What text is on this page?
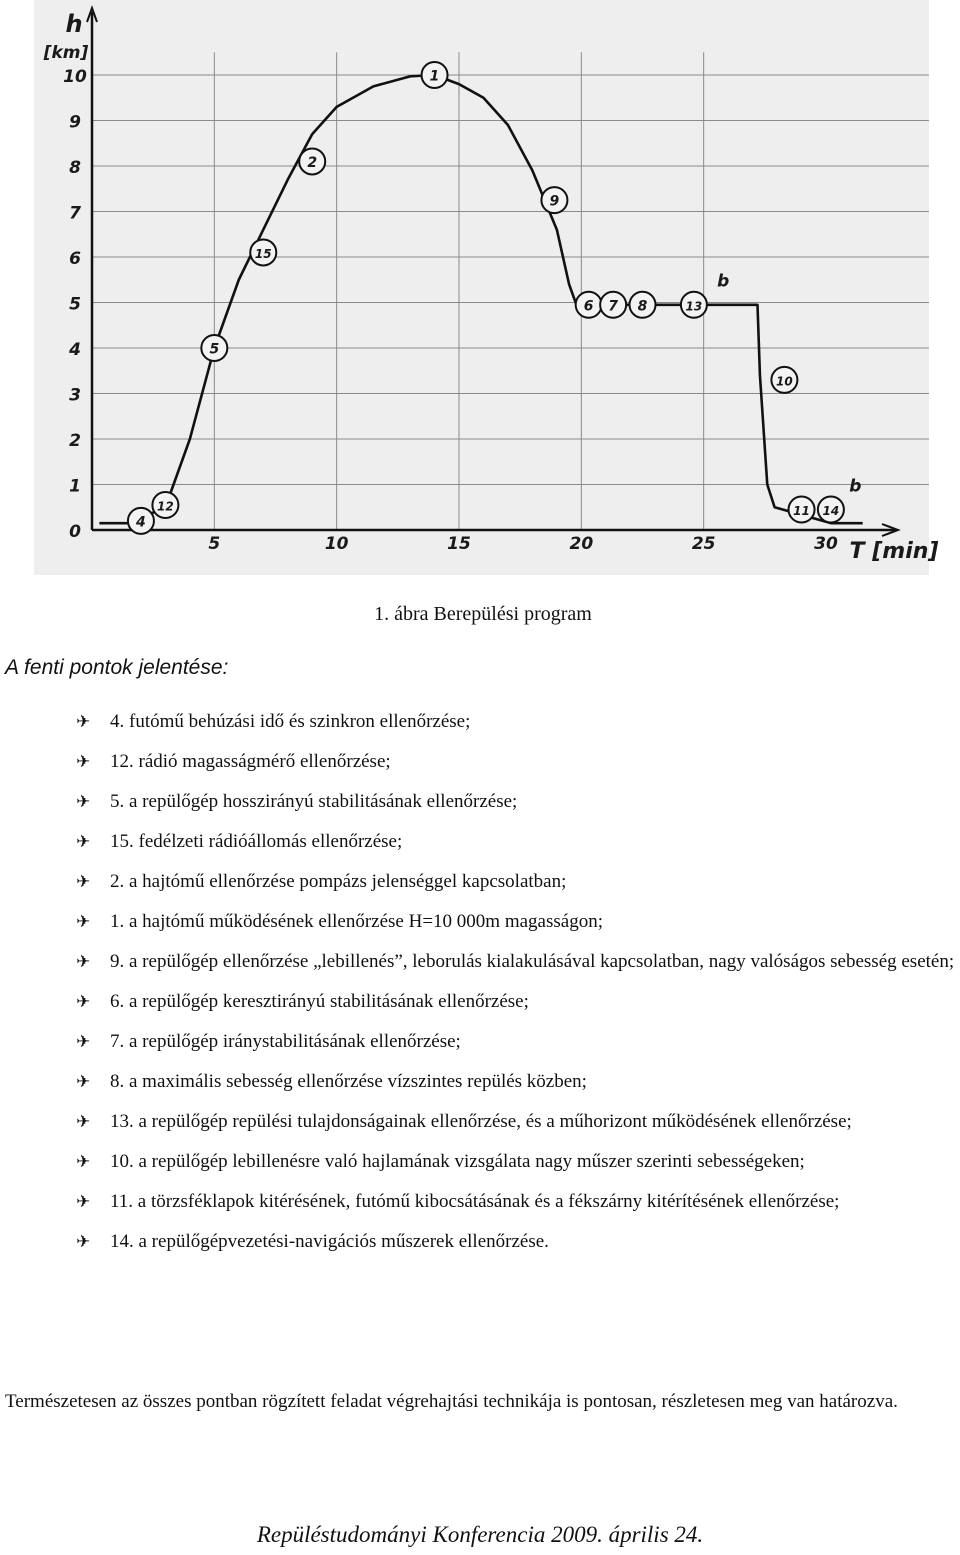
1
2
15
5
12
4
9
6 7 8	13
10
11 14
h
[km]
T [min]
0
1
2
3
4
5
6
7
8
9
10
5	10	15	20	25	30
b
b
1. ábra Berepülési program
A fenti pontok jelentése:
✈ 4. futómű behúzási idő és szinkron ellenőrzése;
✈ 12. rádió magasságmérő ellenőrzése;
✈ 5. a repülőgép hosszirányú stabilitásának ellenőrzése;
✈ 15. fedélzeti rádióállomás ellenőrzése;
✈ 2. a hajtómű ellenőrzése pompázs jelenséggel kapcsolatban;
✈ 1. a hajtómű működésének ellenőrzése H=10 000m magasságon;
✈ 9. a repülőgép ellenőrzése „lebillenés”, leborulás kialakulásával kapcsolatban, nagy valóságos sebesség esetén;
✈ 6. a repülőgép keresztirányú stabilitásának ellenőrzése;
✈ 7. a repülőgép iránystabilitásának ellenőrzése;
✈ 8. a maximális sebesség ellenőrzése vízszintes repülés közben;
✈ 13. a repülőgép repülési tulajdonságainak ellenőrzése, és a műhorizont működésének ellenőrzése;
✈ 10. a repülőgép lebillenésre való hajlamának vizsgálata nagy műszer szerinti sebességeken;
✈ 11. a törzsféklapok kitérésének, futómű kibocsátásának és a fékszárny kitérítésének ellenőrzése;
✈ 14. a repülőgépvezetési-navigációs műszerek ellenőrzése.
Természetesen az összes pontban rögzített feladat végrehajtási technikája is pontosan, részletesen meg van határozva.
Repüléstudományi Konferencia 2009. április 24.
